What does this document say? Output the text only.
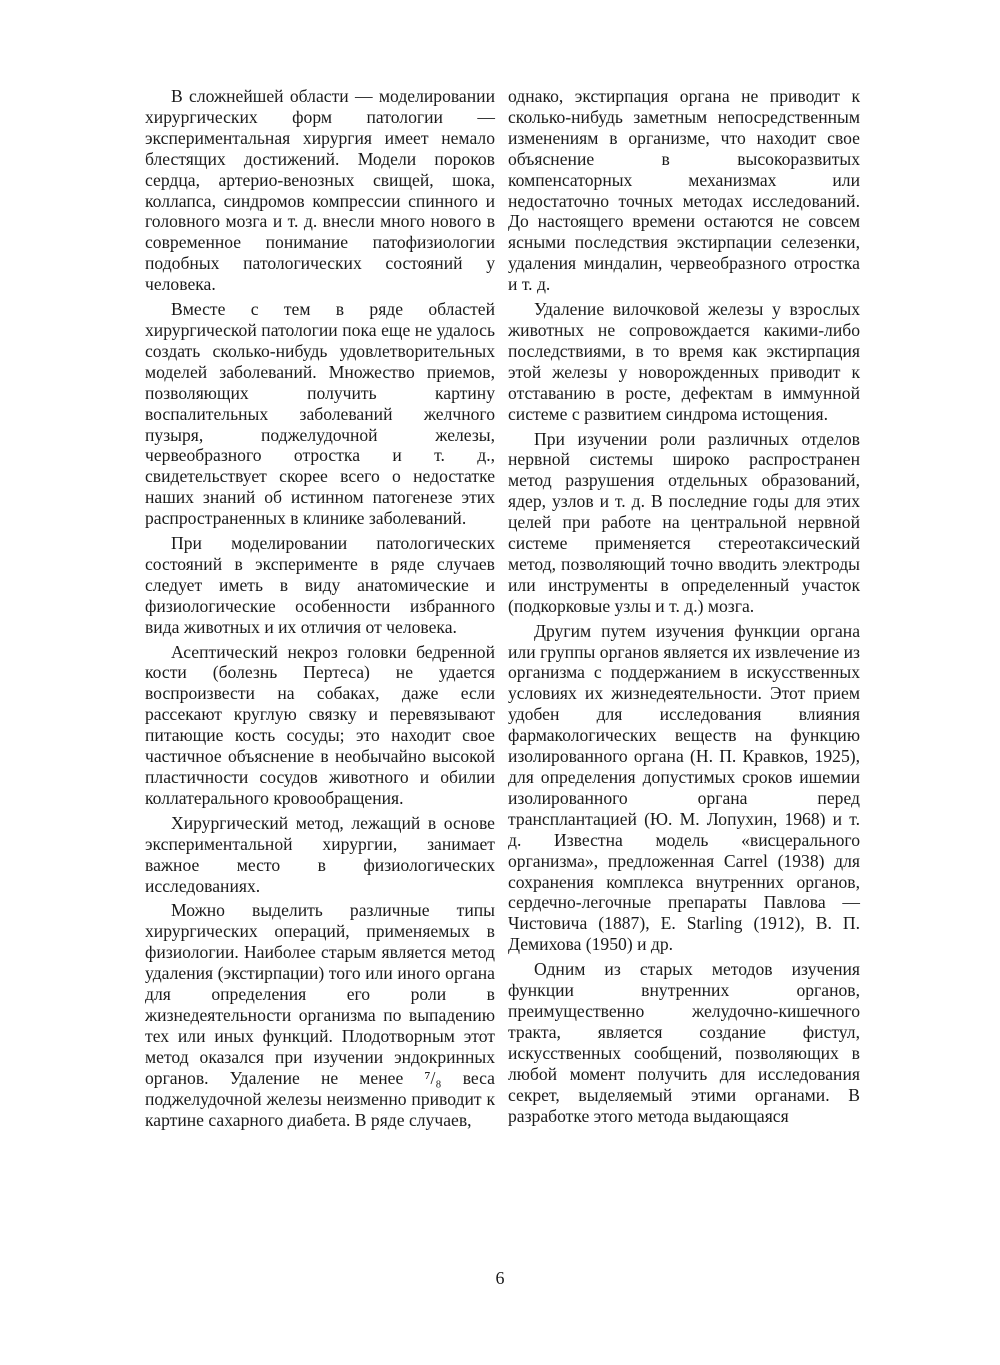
В сложнейшей области — моделировании хирургических форм патологии — экспериментальная хирургия имеет немало блестящих достижений. Модели пороков сердца, артерио-венозных свищей, шока, коллапса, синдромов компрессии спинного и головного мозга и т. д. внесли много нового в современное понимание патофизиологии подобных патологических состояний у человека.

Вместе с тем в ряде областей хирургической патологии пока еще не удалось создать сколько-нибудь удовлетворительных моделей заболеваний. Множество приемов, позволяющих получить картину воспалительных заболеваний желчного пузыря, поджелудочной железы, червеобразного отростка и т. д., свидетельствует скорее всего о недостатке наших знаний об истинном патогенезе этих распространенных в клинике заболеваний.

При моделировании патологических состояний в эксперименте в ряде случаев следует иметь в виду анатомические и физиологические особенности избранного вида животных и их отличия от человека.

Асептический некроз головки бедренной кости (болезнь Пертеса) не удается воспроизвести на собаках, даже если рассекают круглую связку и перевязывают питающие кость сосуды; это находит свое частичное объяснение в необычайно высокой пластичности сосудов животного и обилии коллатерального кровообращения.

Хирургический метод, лежащий в основе экспериментальной хирургии, занимает важное место в физиологических исследованиях.

Можно выделить различные типы хирургических операций, применяемых в физиологии. Наиболее старым является метод удаления (экстирпации) того или иного органа для определения его роли в жизнедеятельности организма по выпадению тех или иных функций. Плодотворным этот метод оказался при изучении эндокринных органов. Удаление не менее ⁷/₈ веса поджелудочной железы неизменно приводит к картине сахарного диабета. В ряде случаев,

однако, экстирпация органа не приводит к сколько-нибудь заметным непосредственным изменениям в организме, что находит свое объяснение в высокоразвитых компенсаторных механизмах или недостаточно точных методах исследований. До настоящего времени остаются не совсем ясными последствия экстирпации селезенки, удаления миндалин, червеобразного отростка и т. д.

Удаление вилочковой железы у взрослых животных не сопровождается какими-либо последствиями, в то время как экстирпация этой железы у новорожденных приводит к отставанию в росте, дефектам в иммунной системе с развитием синдрома истощения.

При изучении роли различных отделов нервной системы широко распространен метод разрушения отдельных образований, ядер, узлов и т. д. В последние годы для этих целей при работе на центральной нервной системе применяется стереотаксический метод, позволяющий точно вводить электроды или инструменты в определенный участок (подкорковые узлы и т. д.) мозга.

Другим путем изучения функции органа или группы органов является их извлечение из организма с поддержанием в искусственных условиях их жизнедеятельности. Этот прием удобен для исследования влияния фармакологических веществ на функцию изолированного органа (Н. П. Кравков, 1925), для определения допустимых сроков ишемии изолированного органа перед трансплантацией (Ю. М. Лопухин, 1968) и т. д. Известна модель «висцерального организма», предложенная Carrel (1938) для сохранения комплекса внутренних органов, сердечно-легочные препараты Павлова — Чистовича (1887), E. Starling (1912), В. П. Демихова (1950) и др.

Одним из старых методов изучения функции внутренних органов, преимущественно желудочно-кишечного тракта, является создание фистул, искусственных сообщений, позволяющих в любой момент получить для исследования секрет, выделяемый этими органами. В разработке этого метода выдающаяся

6
